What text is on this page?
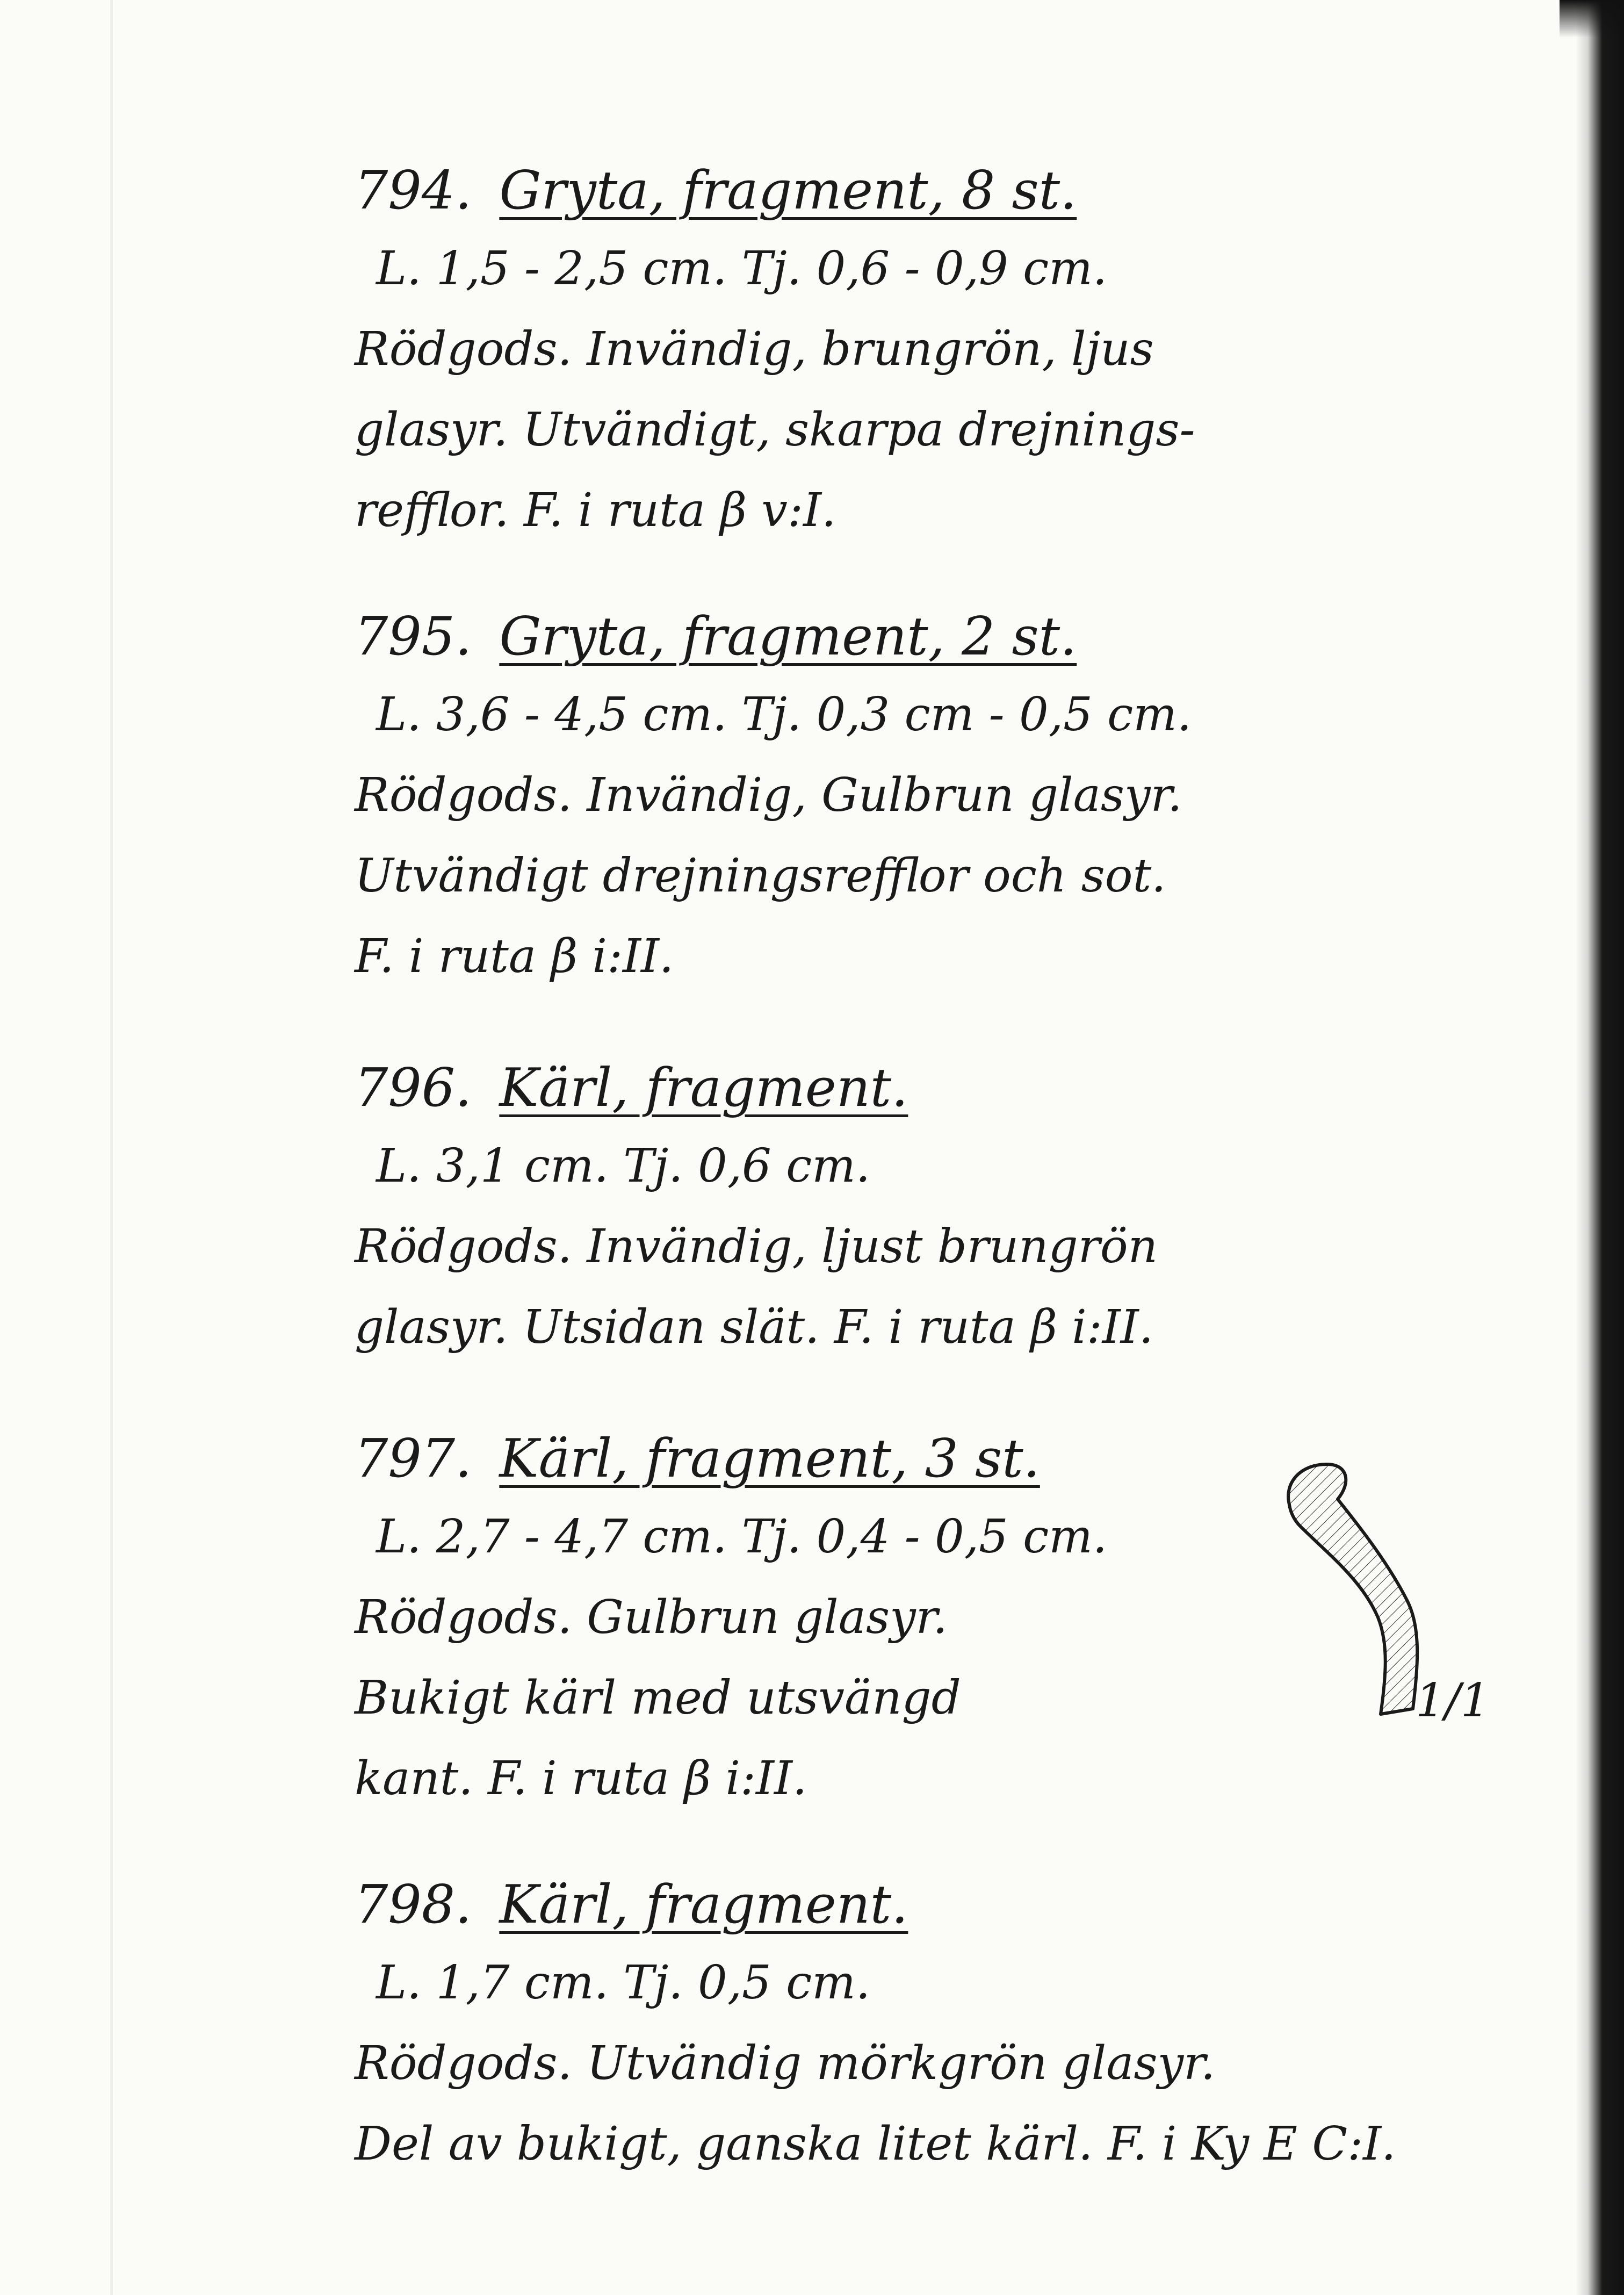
794. Gryta, fragment, 8 st.
L. 1,5 - 2,5 cm. Tj. 0,6 - 0,9 cm.
Rödgods. Invändig, brungrön, ljus
glasyr. Utvändigt, skarpa drejnings-
refflor. F. i ruta β v:I.
795. Gryta, fragment, 2 st.
L. 3,6 - 4,5 cm. Tj. 0,3 cm - 0,5 cm.
Rödgods. Invändig, Gulbrun glasyr.
Utvändigt drejningsrefflor och sot.
F. i ruta β i:II.
796. Kärl, fragment.
L. 3,1 cm. Tj. 0,6 cm.
Rödgods. Invändig, ljust brungrön
glasyr. Utsidan slät. F. i ruta β i:II.
797. Kärl, fragment, 3 st.
L. 2,7 - 4,7 cm. Tj. 0,4 - 0,5 cm.
Rödgods. Gulbrun glasyr.
Bukigt kärl med utsvängd
kant. F. i ruta β i:II.
1/1
798. Kärl, fragment.
L. 1,7 cm. Tj. 0,5 cm.
Rödgods. Utvändig mörkgrön glasyr.
Del av bukigt, ganska litet kärl. F. i Ky E C:I.
